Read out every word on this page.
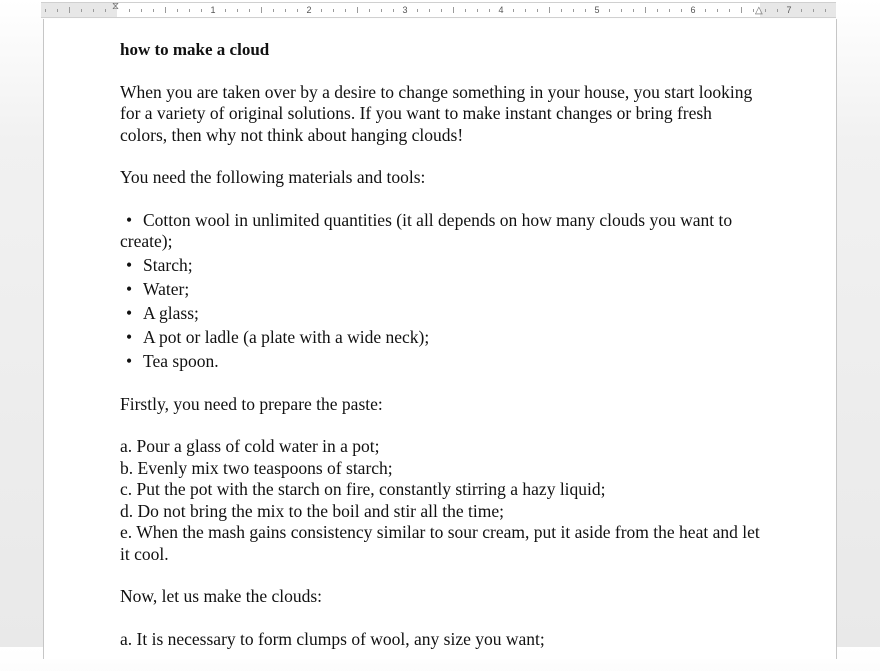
1	2	3	4	5	6	7
⧖	△
how to make a cloud

When you are taken over by a desire to change something in your house, you start looking for a variety of original solutions. If you want to make instant changes or bring fresh colors, then why not think about hanging clouds!

You need the following materials and tools:

• Cotton wool in unlimited quantities (it all depends on how many clouds you want to create);
• Starch;
• Water;
• A glass;
• A pot or ladle (a plate with a wide neck);
• Tea spoon.

Firstly, you need to prepare the paste:

a. Pour a glass of cold water in a pot;
b. Evenly mix two teaspoons of starch;
c. Put the pot with the starch on fire, constantly stirring a hazy liquid;
d. Do not bring the mix to the boil and stir all the time;
e. When the mash gains consistency similar to sour cream, put it aside from the heat and let it cool.

Now, let us make the clouds:

a. It is necessary to form clumps of wool, any size you want;
